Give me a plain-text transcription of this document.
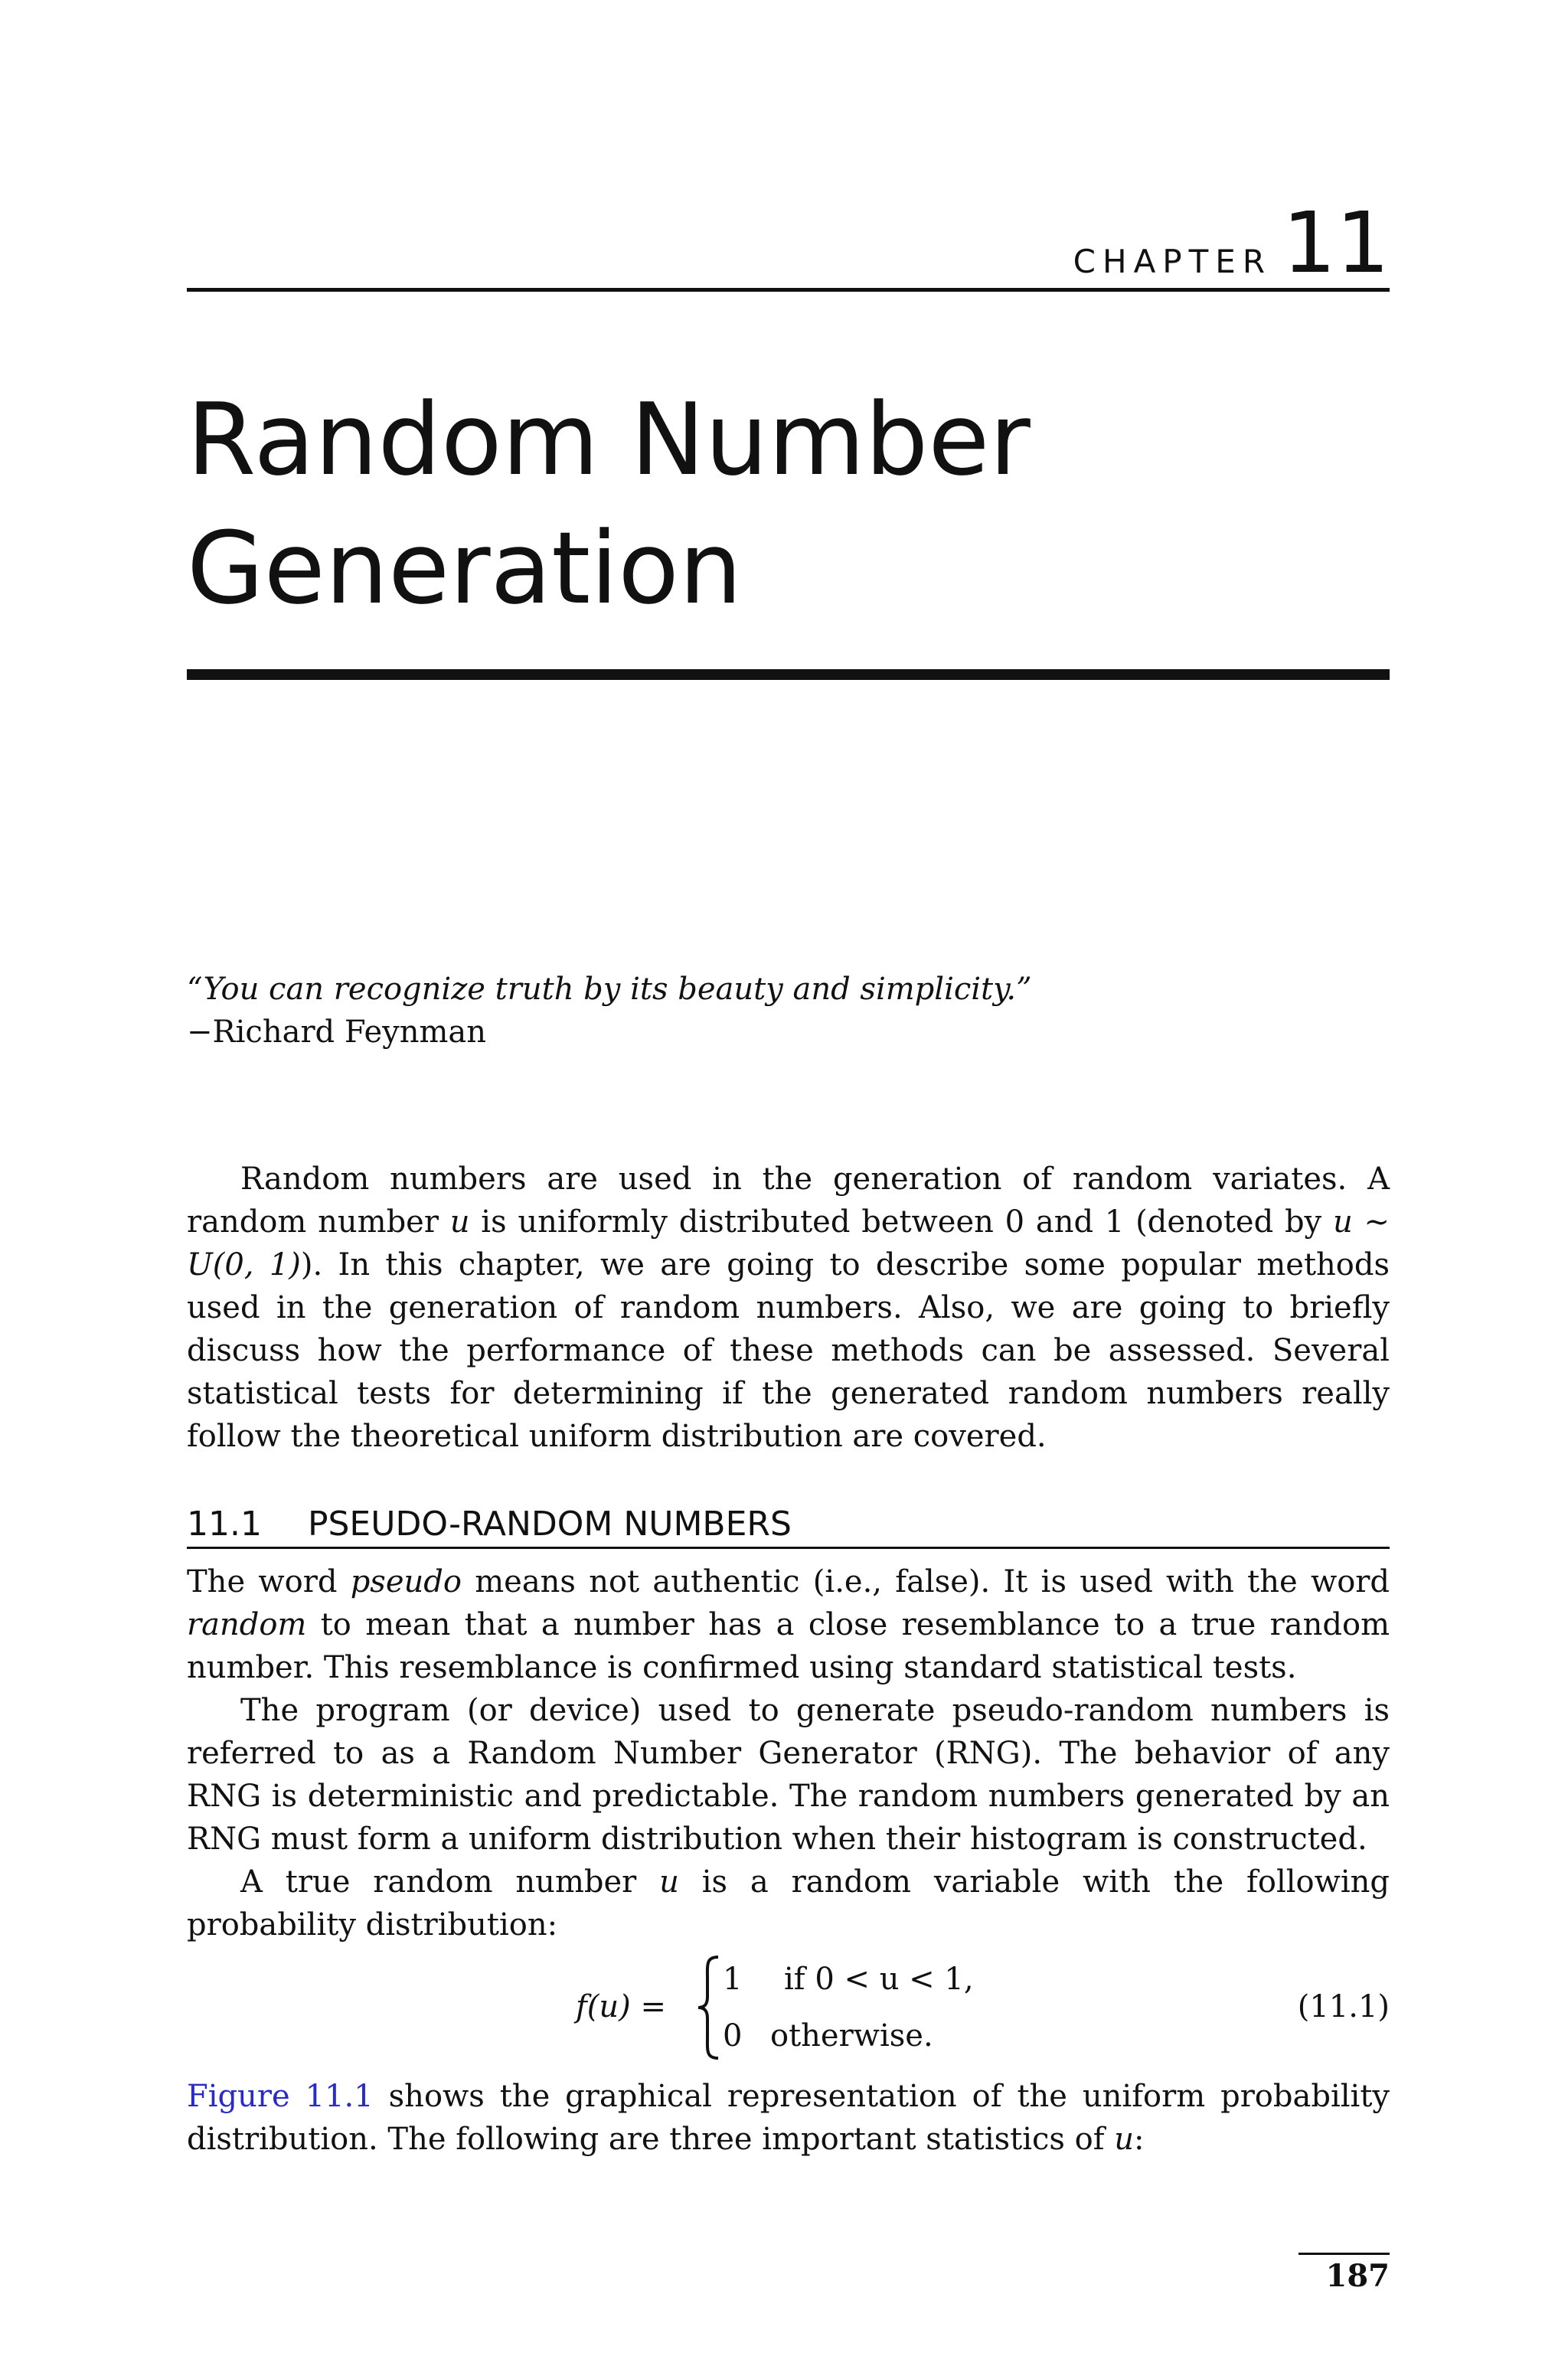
CHAPTER 11
Random Number
Generation
“You can recognize truth by its beauty and simplicity.”
−Richard Feynman

Random numbers are used in the generation of random variates. A random number u is uniformly distributed between 0 and 1 (denoted by u ∼ U(0, 1)). In this chapter, we are going to describe some popular methods used in the generation of random numbers. Also, we are going to briefly discuss how the performance of these methods can be assessed. Several statistical tests for determining if the generated random numbers really follow the theoretical uniform distribution are covered.

11.1 PSEUDO-RANDOM NUMBERS

The word pseudo means not authentic (i.e., false). It is used with the word random to mean that a number has a close resemblance to a true random number. This resemblance is confirmed using standard statistical tests.

The program (or device) used to generate pseudo-random numbers is referred to as a Random Number Generator (RNG). The behavior of any RNG is deterministic and predictable. The random numbers generated by an RNG must form a uniform distribution when their histogram is constructed.

A true random number u is a random variable with the following probability distribution:

f(u) =
1 if 0 < u < 1,
0 otherwise.
(11.1)

Figure 11.1 shows the graphical representation of the uniform probability distribution. The following are three important statistics of u:

187
